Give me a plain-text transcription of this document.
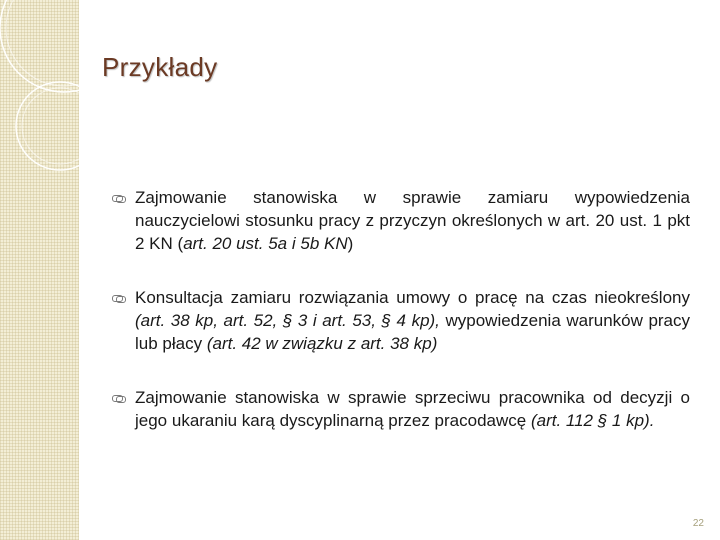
Przykłady
Zajmowanie stanowiska w sprawie zamiaru wypowiedzenia nauczycielowi stosunku pracy z przyczyn określonych w art. 20 ust. 1 pkt 2 KN (art. 20 ust. 5a i 5b KN)
Konsultacja zamiaru rozwiązania umowy o pracę na czas nieokreślony (art. 38 kp, art. 52, § 3 i art. 53, § 4 kp), wypowiedzenia warunków pracy lub płacy (art. 42 w związku z art. 38 kp)
Zajmowanie stanowiska w sprawie sprzeciwu pracownika od decyzji o jego ukaraniu karą dyscyplinarną przez pracodawcę (art. 112 § 1 kp).
22
